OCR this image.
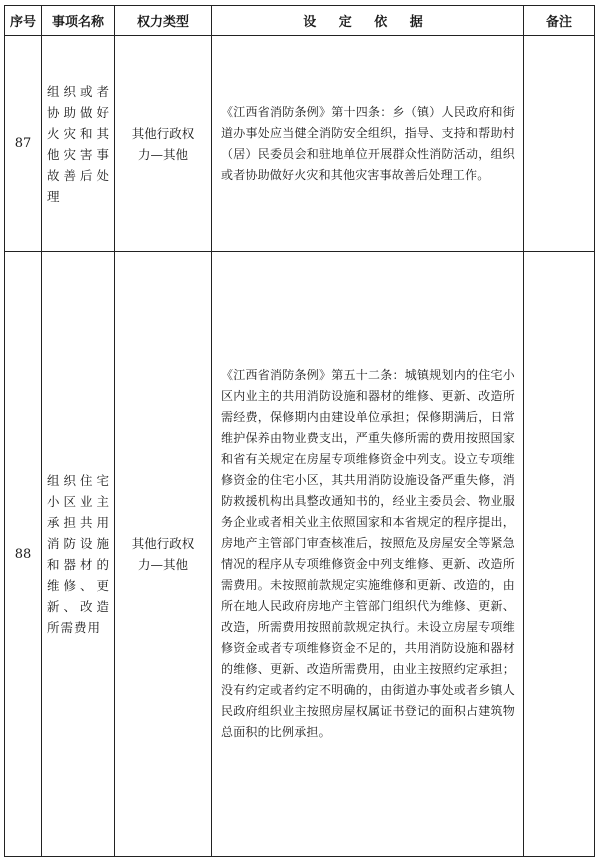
序号	事项名称	权力类型	设 定 依 据	备注
87	组织或者协助做好火灾和其他灾害事故善后处理	其他行政权力—其他	《江西省消防条例》第十四条：乡（镇）人民政府和街道办事处应当健全消防安全组织，指导、支持和帮助村（居）民委员会和驻地单位开展群众性消防活动，组织或者协助做好火灾和其他灾害事故善后处理工作。	
88	组织住宅小区业主承担共用消防设施和器材的维修、更新、改造所需费用	其他行政权力—其他	《江西省消防条例》第五十二条：城镇规划内的住宅小区内业主的共用消防设施和器材的维修、更新、改造所需经费，保修期内由建设单位承担；保修期满后，日常维护保养由物业费支出，严重失修所需的费用按照国家和省有关规定在房屋专项维修资金中列支。设立专项维修资金的住宅小区，其共用消防设施设备严重失修，消防救援机构出具整改通知书的，经业主委员会、物业服务企业或者相关业主依照国家和本省规定的程序提出，房地产主管部门审查核准后，按照危及房屋安全等紧急情况的程序从专项维修资金中列支维修、更新、改造所需费用。未按照前款规定实施维修和更新、改造的，由所在地人民政府房地产主管部门组织代为维修、更新、改造，所需费用按照前款规定执行。未设立房屋专项维修资金或者专项维修资金不足的，共用消防设施和器材的维修、更新、改造所需费用，由业主按照约定承担；没有约定或者约定不明确的，由街道办事处或者乡镇人民政府组织业主按照房屋权属证书登记的面积占建筑物总面积的比例承担。	
